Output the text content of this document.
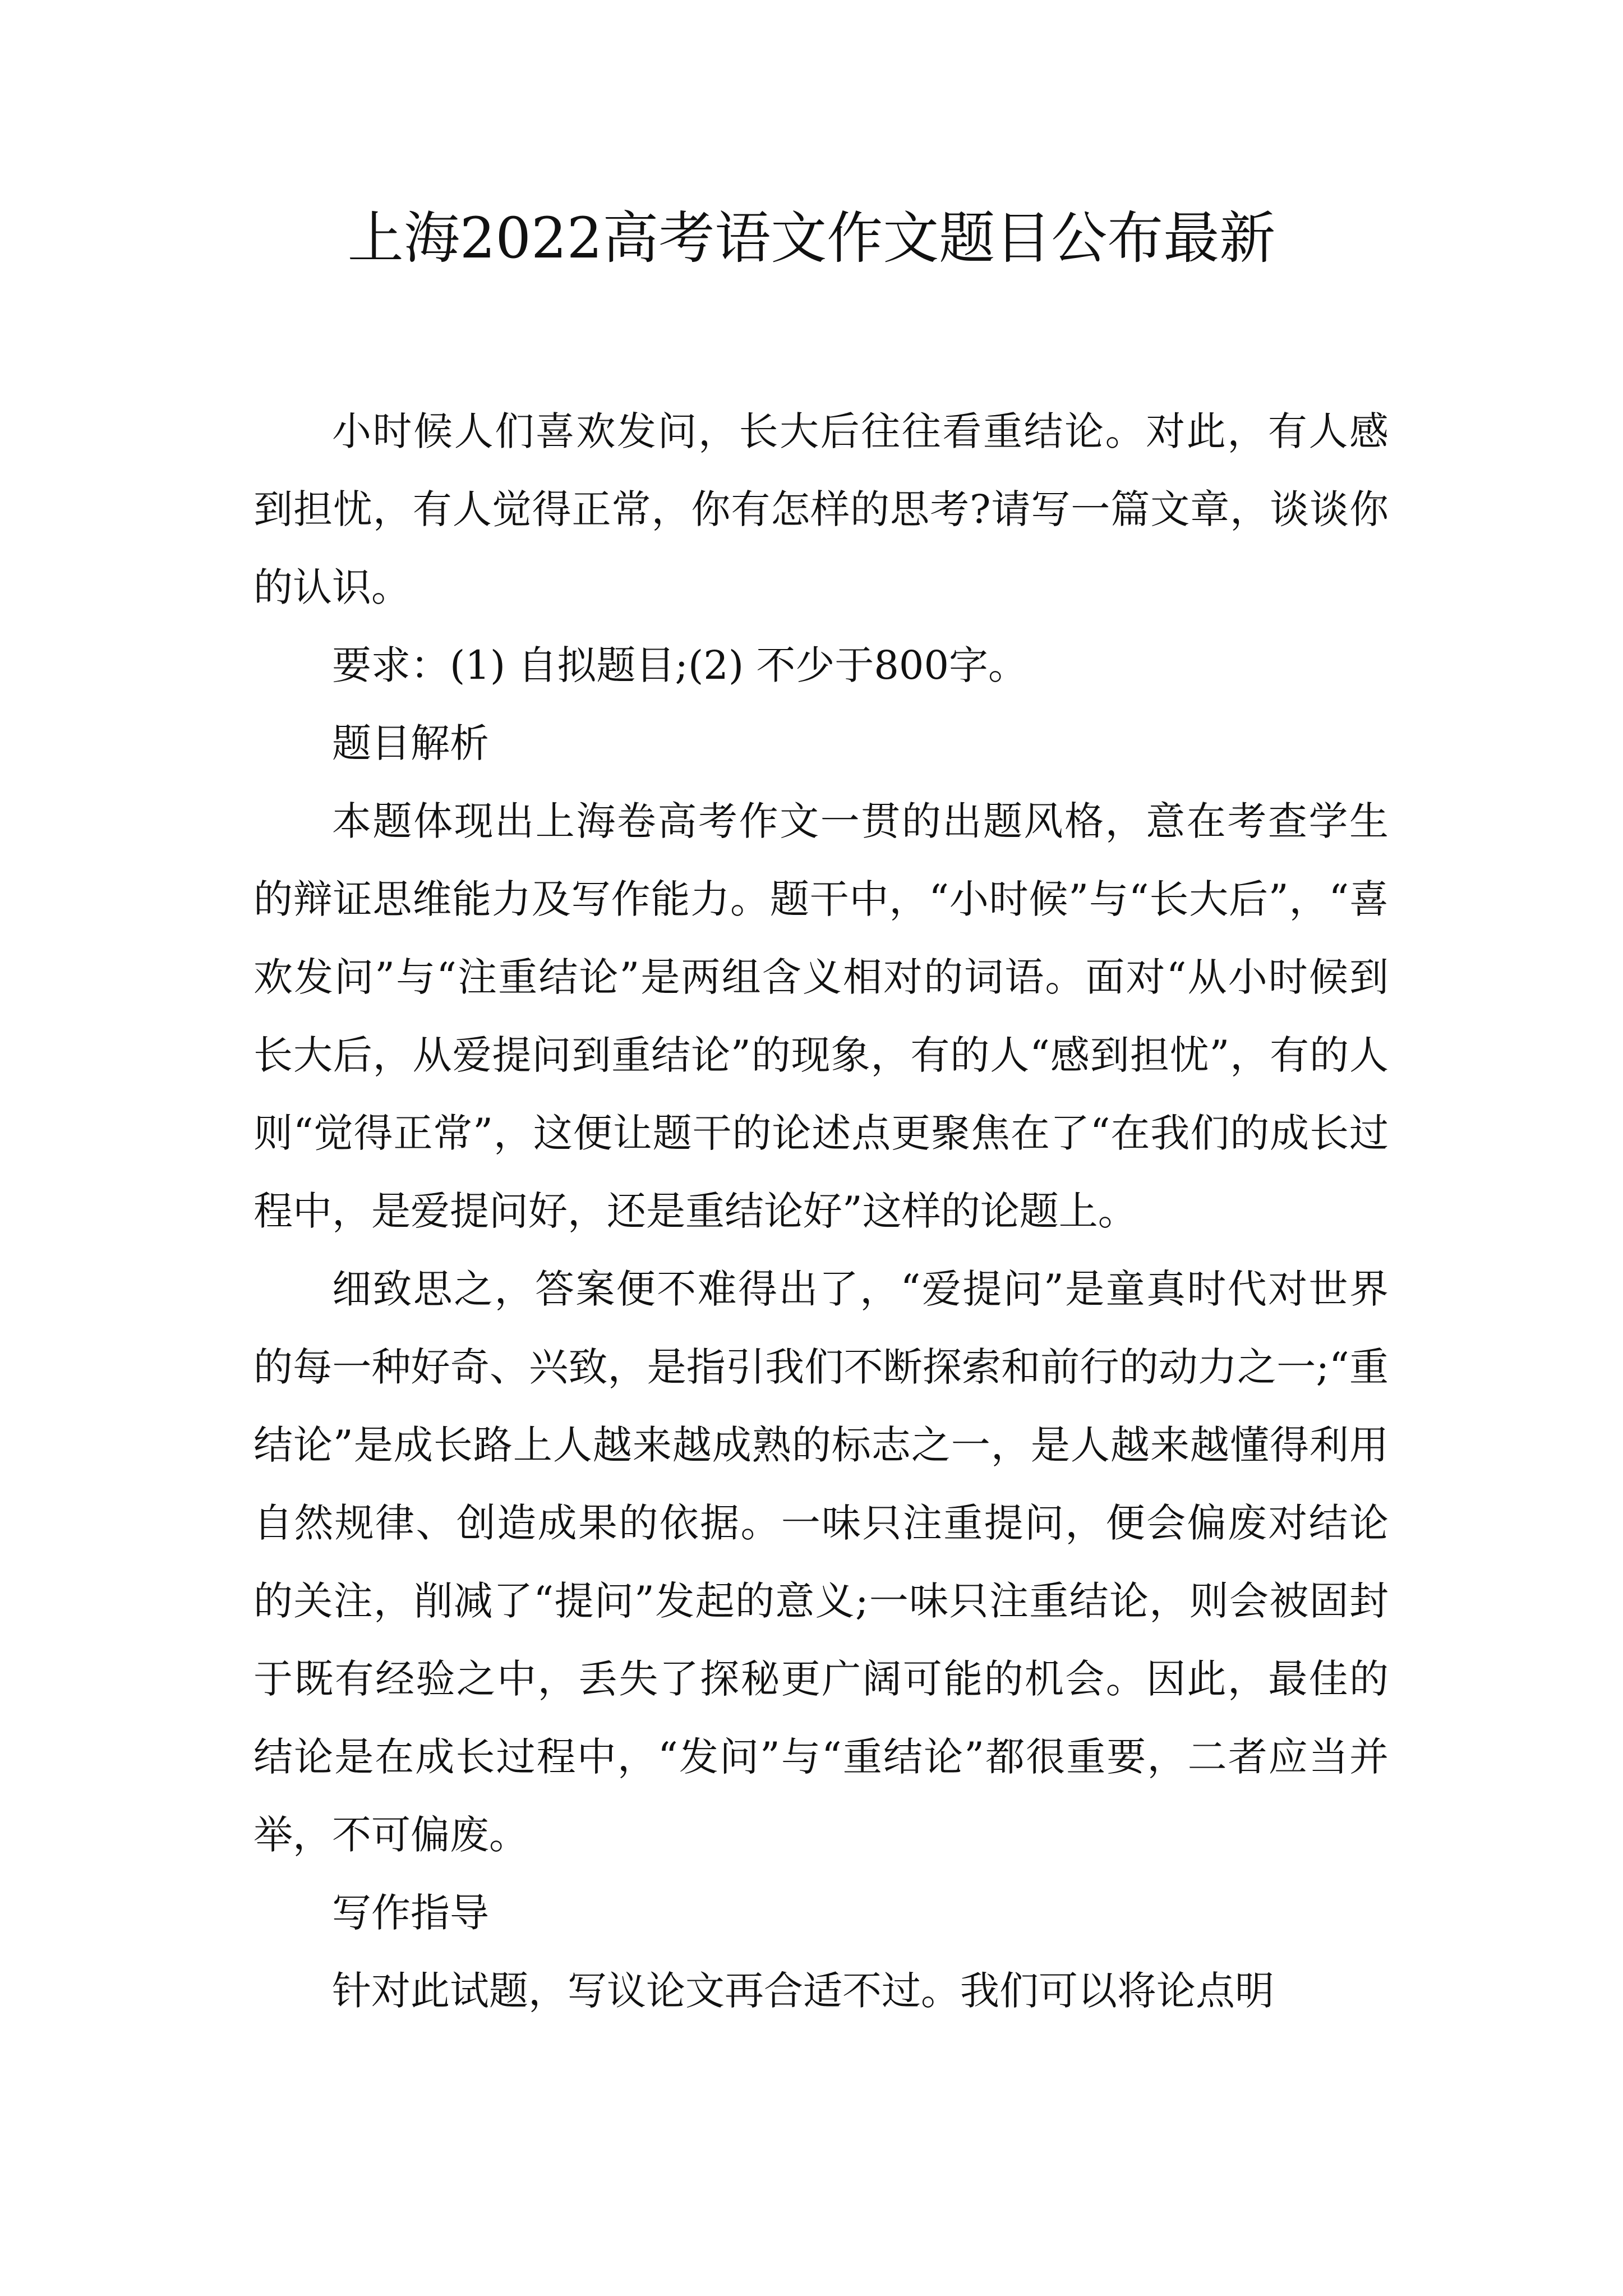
上海2022高考语文作文题目公布最新

小时候人们喜欢发问，长大后往往看重结论。对此，有人感到担忧，有人觉得正常，你有怎样的思考?请写一篇文章，谈谈你的认识。

要求：(1) 自拟题目;(2) 不少于800字。

题目解析

本题体现出上海卷高考作文一贯的出题风格，意在考查学生的辩证思维能力及写作能力。题干中，“小时候”与“长大后”，“喜欢发问”与“注重结论”是两组含义相对的词语。面对“从小时候到长大后，从爱提问到重结论”的现象，有的人“感到担忧”，有的人则“觉得正常”，这便让题干的论述点更聚焦在了“在我们的成长过程中，是爱提问好，还是重结论好”这样的论题上。

细致思之，答案便不难得出了，“爱提问”是童真时代对世界的每一种好奇、兴致，是指引我们不断探索和前行的动力之一;“重结论”是成长路上人越来越成熟的标志之一，是人越来越懂得利用自然规律、创造成果的依据。一味只注重提问，便会偏废对结论的关注，削减了“提问”发起的意义;一味只注重结论，则会被固封于既有经验之中，丢失了探秘更广阔可能的机会。因此，最佳的结论是在成长过程中，“发问”与“重结论”都很重要，二者应当并举，不可偏废。

写作指导

针对此试题，写议论文再合适不过。我们可以将论点明
